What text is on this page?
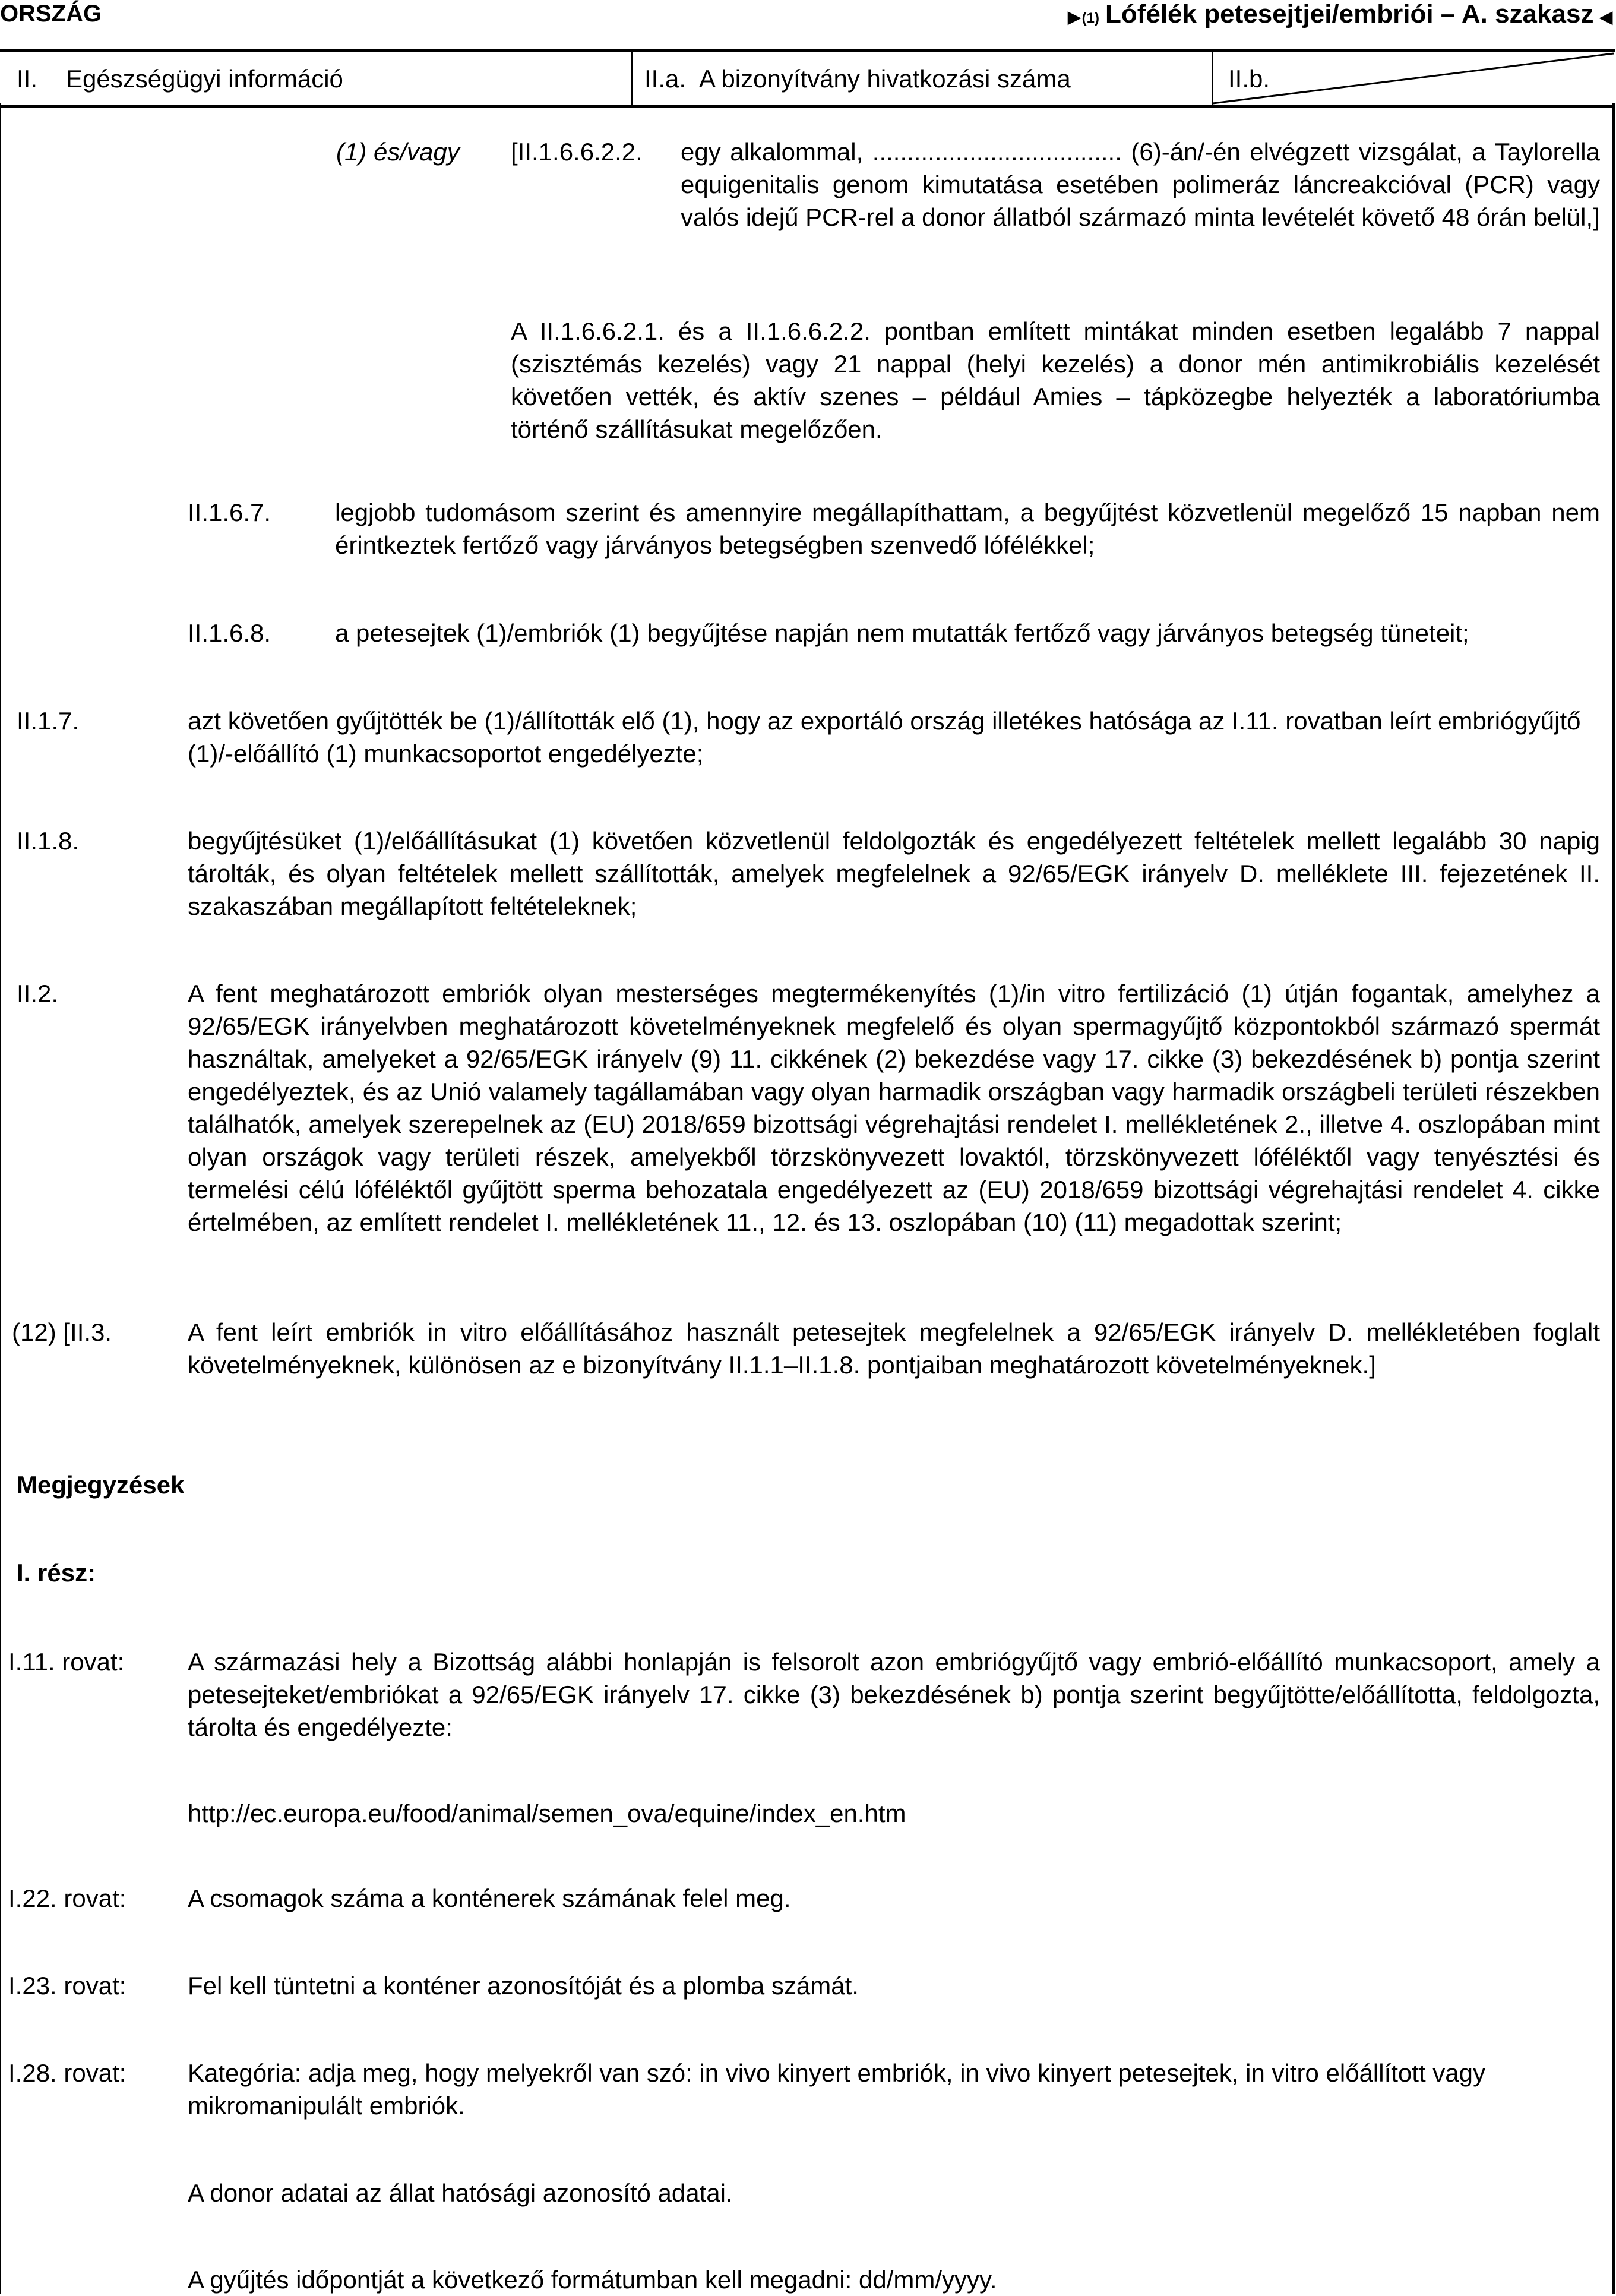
ORSZÁG	▶ (1) Lófélék petesejtjei/embriói – A. szakasz ◀
II. Egészségügyi információ	II.a. A bizonyítvány hivatkozási száma	II.b.
(1) és/vagy [II.1.6.6.2.2. egy alkalommal, .................................... (6)-án/-én elvégzett vizsgálat, a Taylorella equigenitalis genom kimutatása esetében polimeráz láncreakcióval (PCR) vagy valós idejű PCR-rel a donor állatból származó minta levételét követő 48 órán belül,]
A II.1.6.6.2.1. és a II.1.6.6.2.2. pontban említett mintákat minden esetben legalább 7 nappal (szisztémás kezelés) vagy 21 nappal (helyi kezelés) a donor mén antimikrobiális kezelését követően vették, és aktív szenes – például Amies – tápközegbe helyezték a laboratóriumba történő szállításukat megelőzően.
II.1.6.7.	legjobb tudomásom szerint és amennyire megállapíthattam, a begyűjtést közvetlenül megelőző 15 napban nem érintkeztek fertőző vagy járványos betegségben szenvedő lófélékkel;
II.1.6.8.	a petesejtek (1)/embriók (1) begyűjtése napján nem mutatták fertőző vagy járványos betegség tüneteit;
II.1.7.	azt követően gyűjtötték be (1)/állították elő (1), hogy az exportáló ország illetékes hatósága az I.11. rovatban leírt embriógyűjtő (1)/-előállító (1) munkacsoportot engedélyezte;
II.1.8.	begyűjtésüket (1)/előállításukat (1) követően közvetlenül feldolgozták és engedélyezett feltételek mellett legalább 30 napig tárolták, és olyan feltételek mellett szállították, amelyek megfelelnek a 92/65/EGK irányelv D. melléklete III. fejezetének II. szakaszában megállapított feltételeknek;
II.2.	A fent meghatározott embriók olyan mesterséges megtermékenyítés (1)/in vitro fertilizáció (1) útján fogantak, amelyhez a 92/65/EGK irányelvben meghatározott követelményeknek megfelelő és olyan spermagyűjtő központokból származó spermát használtak, amelyeket a 92/65/EGK irányelv (9) 11. cikkének (2) bekezdése vagy 17. cikke (3) bekezdésének b) pontja szerint engedélyeztek, és az Unió valamely tagállamában vagy olyan harmadik országban vagy harmadik országbeli területi részekben találhatók, amelyek szerepelnek az (EU) 2018/659 bizottsági végrehajtási rendelet I. mellékletének 2., illetve 4. oszlopában mint olyan országok vagy területi részek, amelyekből törzskönyvezett lovaktól, törzskönyvezett lóféléktől vagy tenyésztési és termelési célú lóféléktől gyűjtött sperma behozatala engedélyezett az (EU) 2018/659 bizottsági végrehajtási rendelet 4. cikke értelmében, az említett rendelet I. mellékletének 11., 12. és 13. oszlopában (10) (11) megadottak szerint;
(12) [II.3.	A fent leírt embriók in vitro előállításához használt petesejtek megfelelnek a 92/65/EGK irányelv D. mellékletében foglalt követelményeknek, különösen az e bizonyítvány II.1.1–II.1.8. pontjaiban meghatározott követelményeknek.]
Megjegyzések
I. rész:
I.11. rovat:	A származási hely a Bizottság alábbi honlapján is felsorolt azon embriógyűjtő vagy embrió-előállító munkacsoport, amely a petesejteket/embriókat a 92/65/EGK irányelv 17. cikke (3) bekezdésének b) pontja szerint begyűjtötte/előállította, feldolgozta, tárolta és engedélyezte:
http://ec.europa.eu/food/animal/semen_ova/equine/index_en.htm
I.22. rovat: A csomagok száma a konténerek számának felel meg.
I.23. rovat: Fel kell tüntetni a konténer azonosítóját és a plomba számát.
I.28. rovat: Kategória: adja meg, hogy melyekről van szó: in vivo kinyert embriók, in vivo kinyert petesejtek, in vitro előállított vagy mikromanipulált embriók.
A donor adatai az állat hatósági azonosító adatai.
A gyűjtés időpontját a következő formátumban kell megadni: dd/mm/yyyy.
